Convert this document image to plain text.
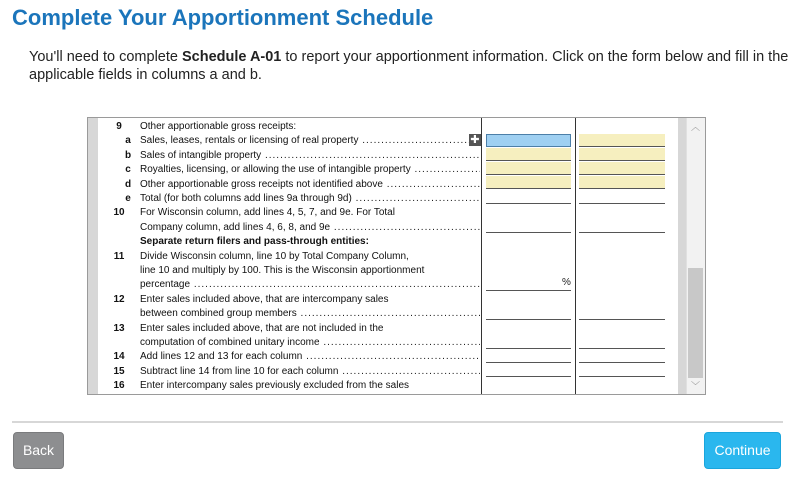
Complete Your Apportionment Schedule
You'll need to complete Schedule A-01 to report your apportionment information. Click on the form below and fill in the applicable fields in columns a and b.
9	Other apportionable gross receipts:
a Sales, leases, rentals or licensing of real property .....
b Sales of intangible property .....
c Royalties, licensing, or allowing the use of intangible property .....
d Other apportionable gross receipts not identified above .....
e Total (for both columns add lines 9a through 9d) .....
10	For Wisconsin column, add lines 4, 5, 7, and 9e. For Total
Company column, add lines 4, 6, 8, and 9e .....
Separate return filers and pass-through entities:
11	Divide Wisconsin column, line 10 by Total Company Column,
line 10 and multiply by 100. This is the Wisconsin apportionment
percentage .....
12	Enter sales included above, that are intercompany sales
between combined group members .....
13	Enter sales included above, that are not included in the
computation of combined unitary income .....
14	Add lines 12 and 13 for each column .....
15	Subtract line 14 from line 10 for each column .....
16	Enter intercompany sales previously excluded from the sales
✚
%
︿
﹀
Back	Continue
